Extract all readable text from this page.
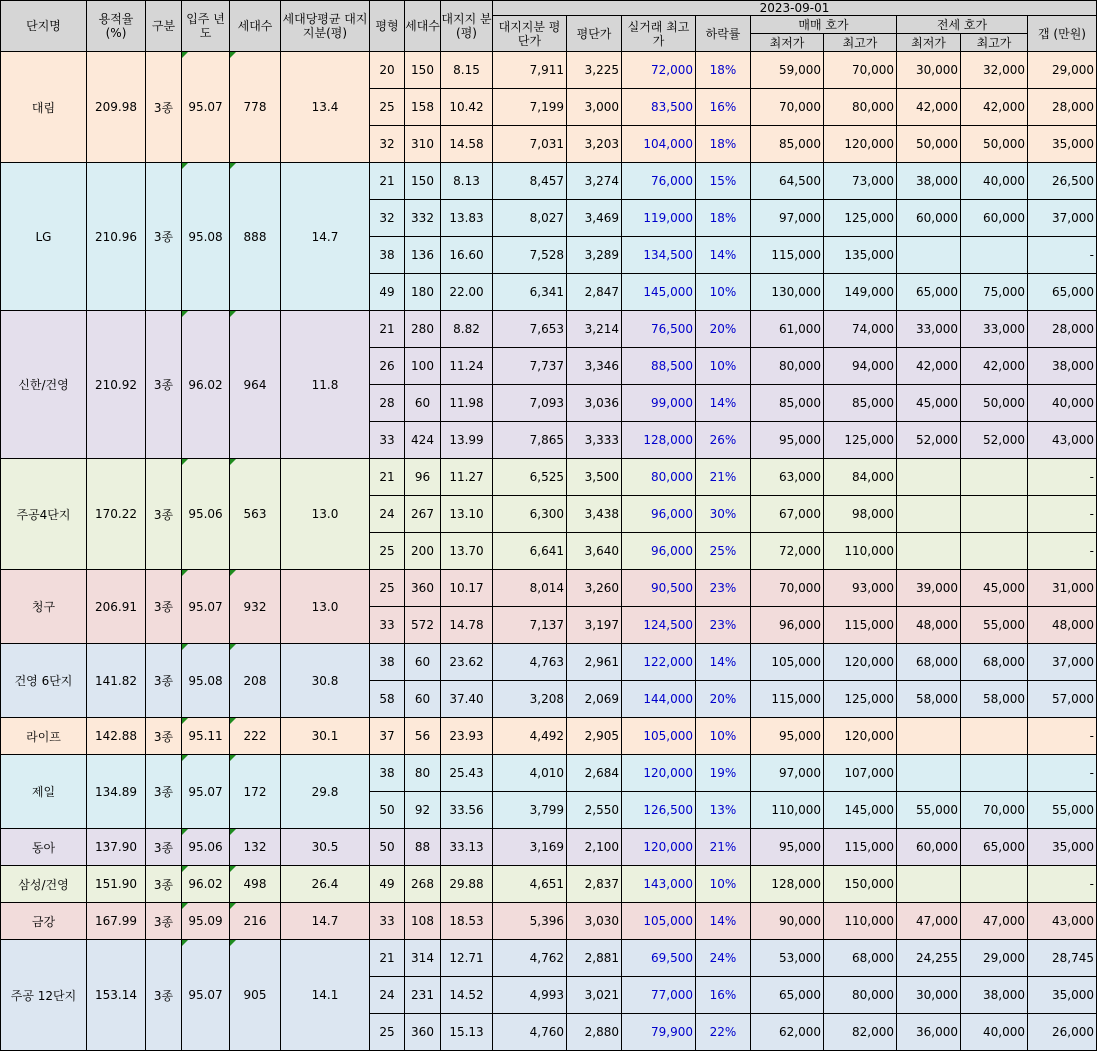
단지명	용적율 (%)	구분	입주 년도	세대수	세대당평균 대지지분(평)	평형	세대수	대지지 분(평)	2023-09-01								
									대지지분 평단가	평단가	실거래 최고가	하락률	매매 호가		전세 호가		갭 (만원)
													최저가	최고가	최저가	최고가	
대림	209.98	3종	95.07	778	13.4	20	150	8.15	7,911	3,225	72,000	18%	59,000	70,000	30,000	32,000	29,000
						25	158	10.42	7,199	3,000	83,500	16%	70,000	80,000	42,000	42,000	28,000
						32	310	14.58	7,031	3,203	104,000	18%	85,000	120,000	50,000	50,000	35,000
LG	210.96	3종	95.08	888	14.7	21	150	8.13	8,457	3,274	76,000	15%	64,500	73,000	38,000	40,000	26,500
						32	332	13.83	8,027	3,469	119,000	18%	97,000	125,000	60,000	60,000	37,000
						38	136	16.60	7,528	3,289	134,500	14%	115,000	135,000			-
						49	180	22.00	6,341	2,847	145,000	10%	130,000	149,000	65,000	75,000	65,000
신한/건영	210.92	3종	96.02	964	11.8	21	280	8.82	7,653	3,214	76,500	20%	61,000	74,000	33,000	33,000	28,000
						26	100	11.24	7,737	3,346	88,500	10%	80,000	94,000	42,000	42,000	38,000
						28	60	11.98	7,093	3,036	99,000	14%	85,000	85,000	45,000	50,000	40,000
						33	424	13.99	7,865	3,333	128,000	26%	95,000	125,000	52,000	52,000	43,000
주공4단지	170.22	3종	95.06	563	13.0	21	96	11.27	6,525	3,500	80,000	21%	63,000	84,000			-
						24	267	13.10	6,300	3,438	96,000	30%	67,000	98,000			-
						25	200	13.70	6,641	3,640	96,000	25%	72,000	110,000			-
청구	206.91	3종	95.07	932	13.0	25	360	10.17	8,014	3,260	90,500	23%	70,000	93,000	39,000	45,000	31,000
						33	572	14.78	7,137	3,197	124,500	23%	96,000	115,000	48,000	55,000	48,000
건영 6단지	141.82	3종	95.08	208	30.8	38	60	23.62	4,763	2,961	122,000	14%	105,000	120,000	68,000	68,000	37,000
						58	60	37.40	3,208	2,069	144,000	20%	115,000	125,000	58,000	58,000	57,000
라이프	142.88	3종	95.11	222	30.1	37	56	23.93	4,492	2,905	105,000	10%	95,000	120,000			-
제일	134.89	3종	95.07	172	29.8	38	80	25.43	4,010	2,684	120,000	19%	97,000	107,000			-
						50	92	33.56	3,799	2,550	126,500	13%	110,000	145,000	55,000	70,000	55,000
동아	137.90	3종	95.06	132	30.5	50	88	33.13	3,169	2,100	120,000	21%	95,000	115,000	60,000	65,000	35,000
삼성/건영	151.90	3종	96.02	498	26.4	49	268	29.88	4,651	2,837	143,000	10%	128,000	150,000			-
금강	167.99	3종	95.09	216	14.7	33	108	18.53	5,396	3,030	105,000	14%	90,000	110,000	47,000	47,000	43,000
주공 12단지	153.14	3종	95.07	905	14.1	21	314	12.71	4,762	2,881	69,500	24%	53,000	68,000	24,255	29,000	28,745
						24	231	14.52	4,993	3,021	77,000	16%	65,000	80,000	30,000	38,000	35,000
						25	360	15.13	4,760	2,880	79,900	22%	62,000	82,000	36,000	40,000	26,000
